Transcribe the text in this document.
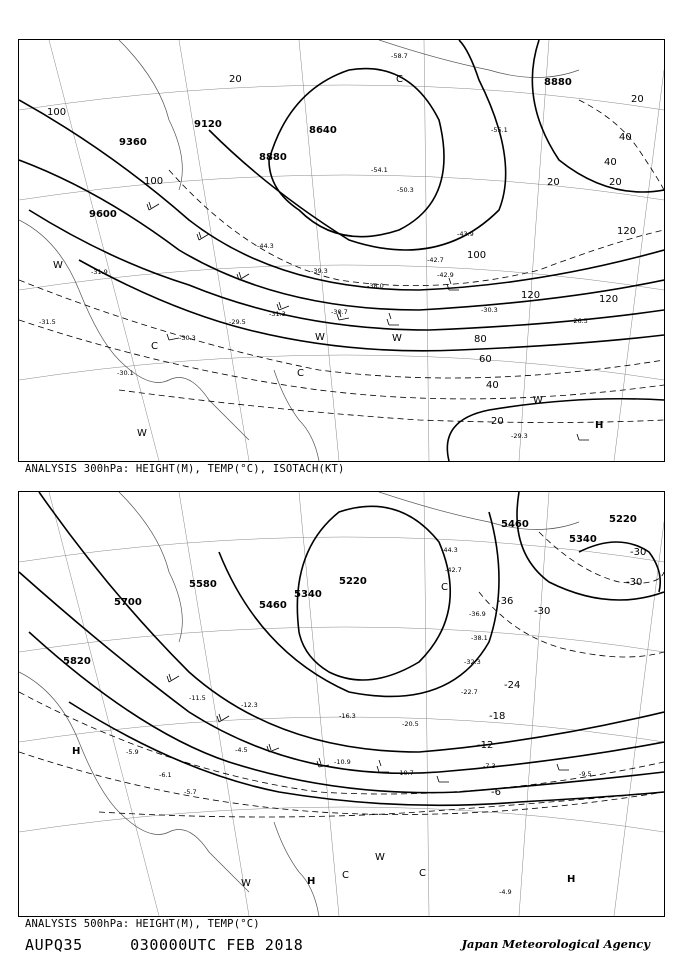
8880
9120
9360
8880
8640
9600
100
100
120
120
100
120
80
60
40
20
20
20
20
40
40
20
-58.7
-55.1
-54.1
-50.3
-44.3
-42.9
-43.9
-42.7
-39.3
-38.0
-30.7	-30.3
-31.3
-29.5	-26.5
-29.3
-31.5
-30.1
-31.9
-30.3
W
C
C
W	W
C
W
W
H
ANALYSIS 300hPa: HEIGHT(M), TEMP(°C), ISOTACH(KT)
5700
5580
5820
5220
5460
5340
5460	5220
5340
-36
-30
-30
-30
-24
-18
-12
-6
-42.7
-44.3
-36.9
-38.1
-32.3
-22.7
-20.5
-16.3
-10.9
-10.7
-7.3
-9.5
-12.3
-11.5
-4.5
-5.7
-4.9
-6.1
-5.9
H
W	H
C
W
C
H
C
ANALYSIS 500hPa: HEIGHT(M), TEMP(°C)
AUPQ35	030000UTC FEB 2018	Japan Meteorological Agency
